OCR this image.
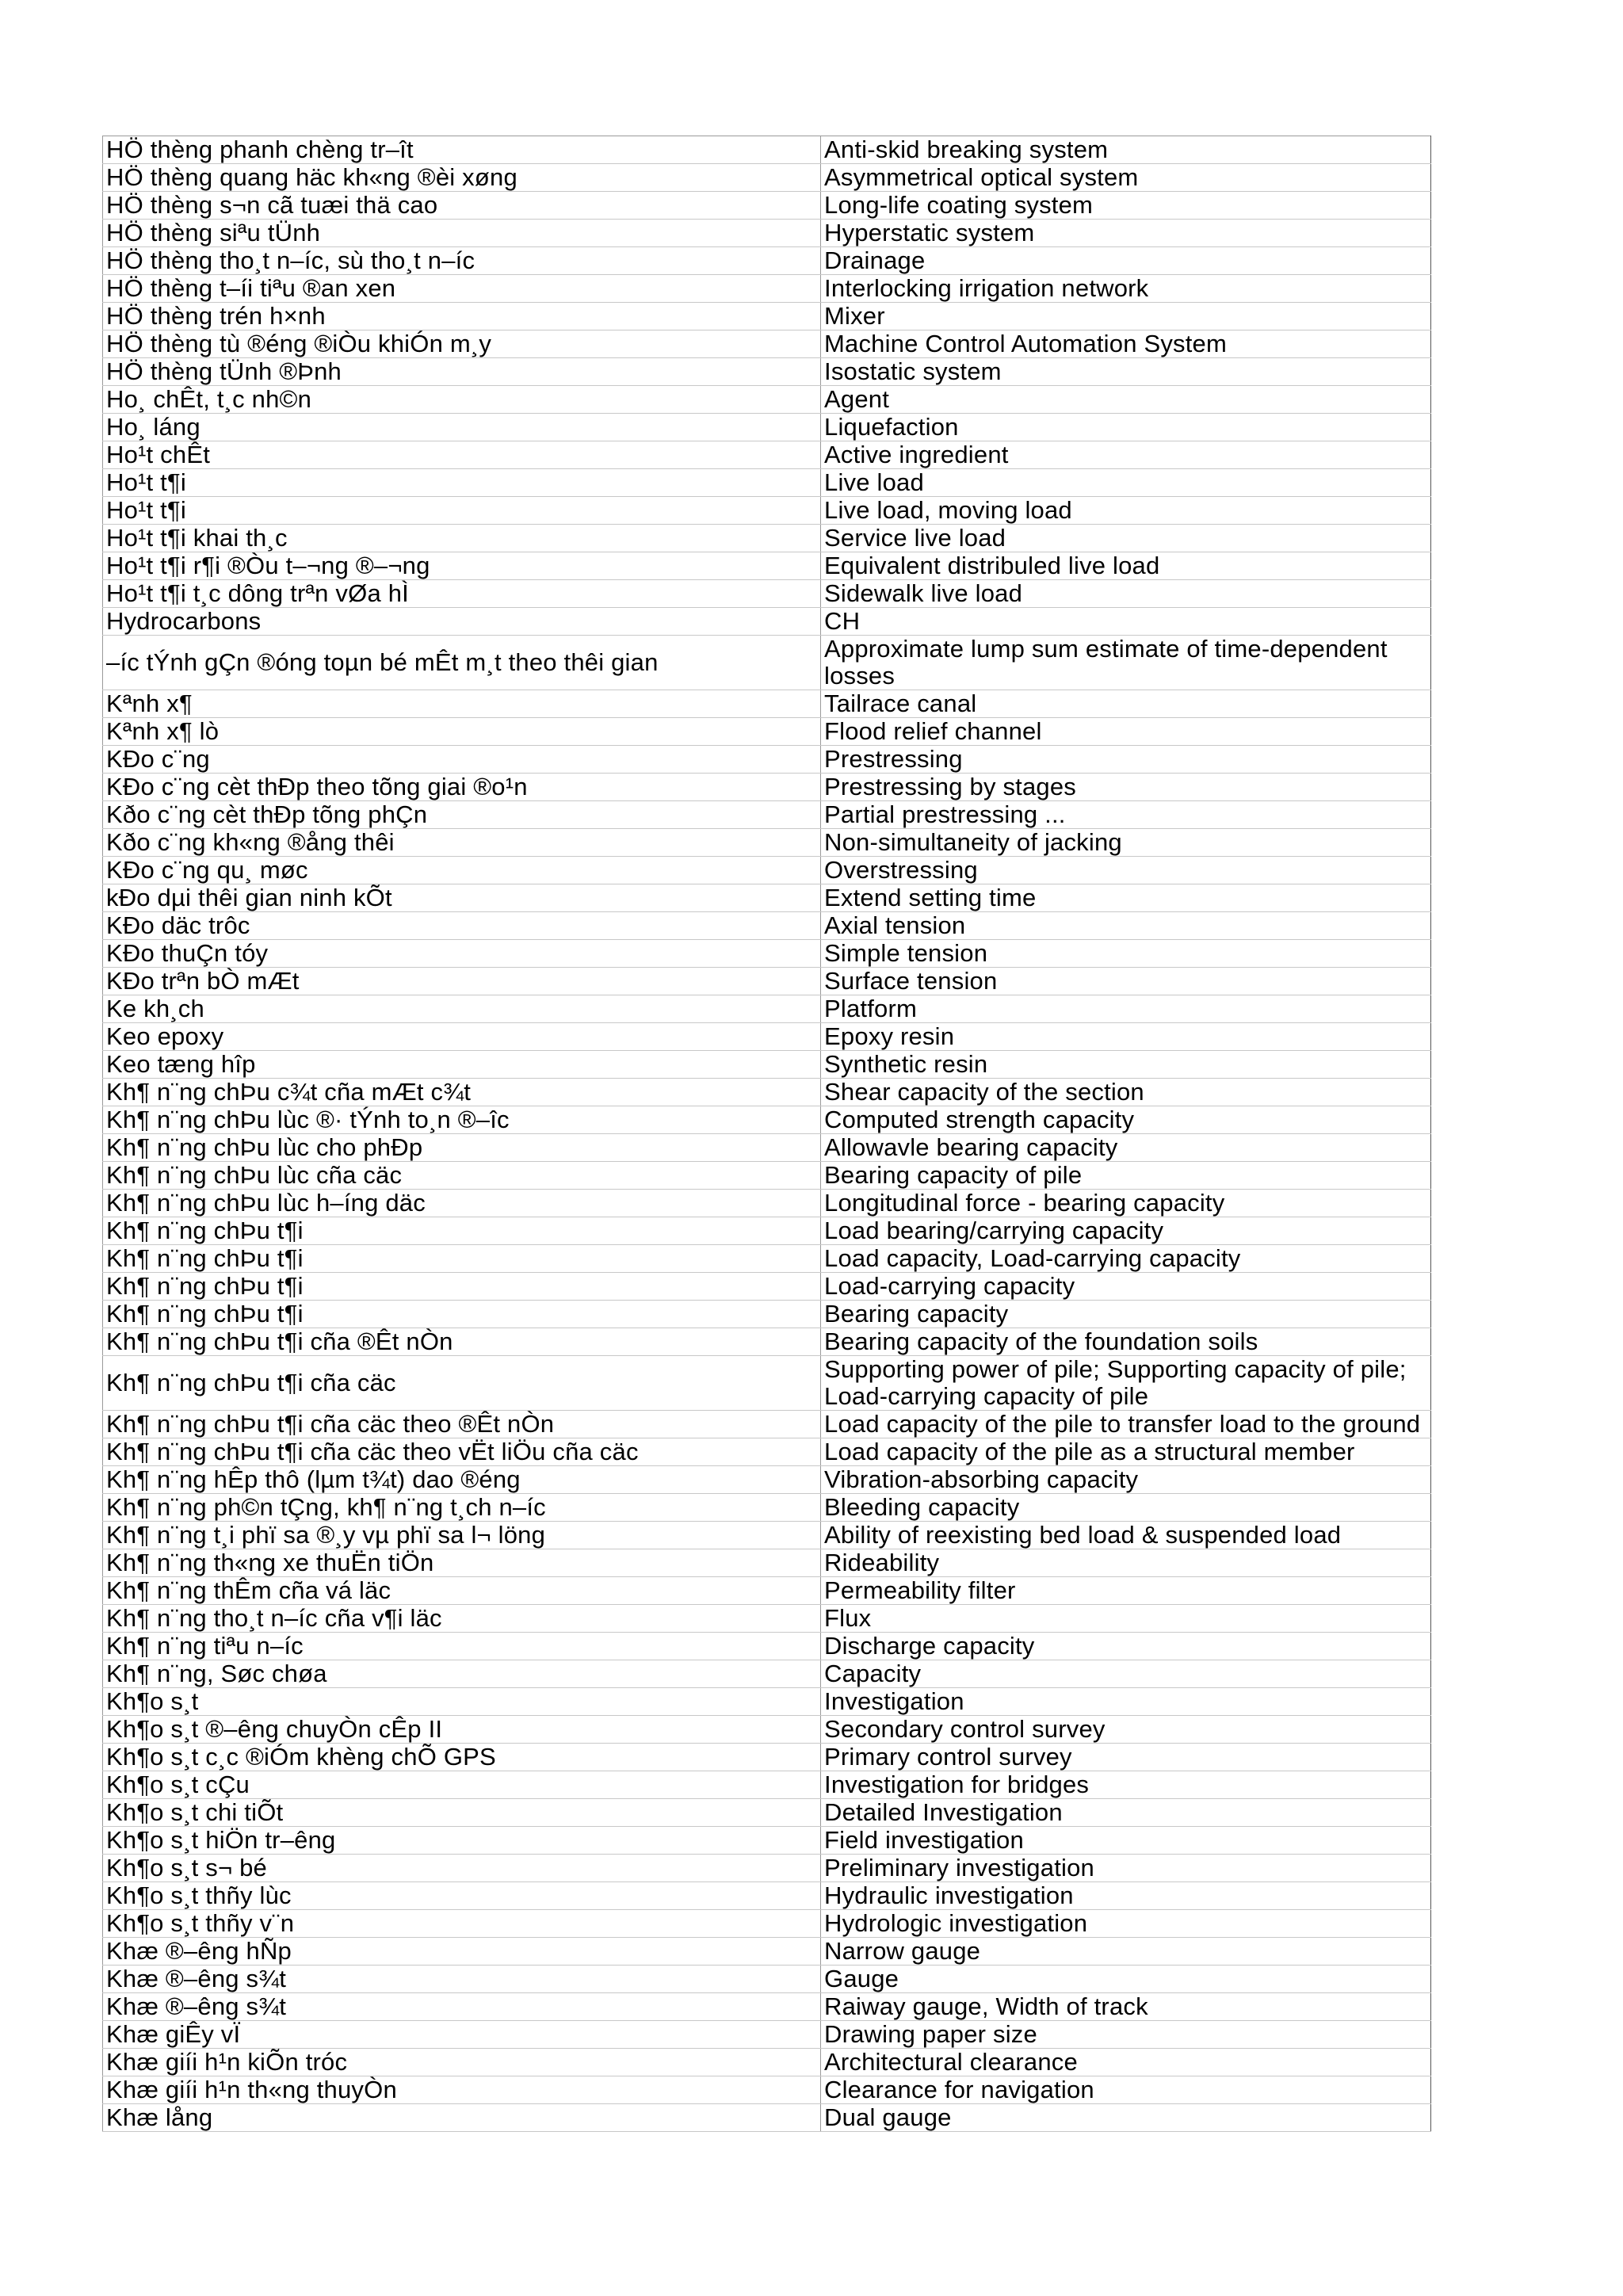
HÖ thèng phanh chèng tr–ît	Anti-skid breaking system
HÖ thèng quang häc kh«ng ®èi xøng	Asymmetrical optical system
HÖ thèng s¬n cã tuæi thä cao	Long-life coating system
HÖ thèng siªu tÜnh	Hyperstatic system
HÖ thèng tho¸t n–íc, sù tho¸t n–íc	Drainage
HÖ thèng t–íi tiªu ®an xen	Interlocking irrigation network
HÖ thèng trén h×nh	Mixer
HÖ thèng tù ®éng ®iÒu khiÓn m¸y	Machine Control Automation System
HÖ thèng tÜnh ®Þnh	Isostatic system
Ho¸ chÊt, t¸c nh©n	Agent
Ho¸ láng	Liquefaction
Ho¹t chÊt	Active ingredient
Ho¹t t¶i	Live load
Ho¹t t¶i	Live load, moving load
Ho¹t t¶i khai th¸c	Service live load
Ho¹t t¶i r¶i ®Òu t–¬ng ®–¬ng	Equivalent distribuled live load
Ho¹t t¶i t¸c dông trªn vØa hÌ	Sidewalk live load
Hydrocarbons	CH
–íc tÝnh gÇn ®óng toµn bé mÊt m¸t theo thêi gian	Approximate lump sum estimate of time-dependent losses
Kªnh x¶	Tailrace canal
Kªnh x¶ lò	Flood relief channel
KÐo c¨ng	Prestressing
KÐo c¨ng cèt thÐp theo tõng giai ®o¹n	Prestressing by stages
Kðo c¨ng cèt thÐp tõng phÇn	Partial prestressing ...
Kðo c¨ng kh«ng ®ång thêi	Non-simultaneity of jacking
KÐo c¨ng qu¸ møc	Overstressing
kÐo dµi thêi gian ninh kÕt	Extend setting time
KÐo däc trôc	Axial tension
KÐo thuÇn tóy	Simple tension
KÐo trªn bÒ mÆt	Surface tension
Ke kh¸ch	Platform
Keo epoxy	Epoxy resin
Keo tæng hîp	Synthetic resin
Kh¶ n¨ng chÞu c¾t cña mÆt c¾t	Shear capacity of the section
Kh¶ n¨ng chÞu lùc ®· tÝnh to¸n ®–îc	Computed strength capacity
Kh¶ n¨ng chÞu lùc cho phÐp	Allowavle bearing capacity
Kh¶ n¨ng chÞu lùc cña cäc	Bearing capacity of pile
Kh¶ n¨ng chÞu lùc h–íng däc	Longitudinal force - bearing capacity
Kh¶ n¨ng chÞu t¶i	Load bearing/carrying capacity
Kh¶ n¨ng chÞu t¶i	Load capacity, Load-carrying capacity
Kh¶ n¨ng chÞu t¶i	Load-carrying capacity
Kh¶ n¨ng chÞu t¶i	Bearing capacity
Kh¶ n¨ng chÞu t¶i cña ®Êt nÒn	Bearing capacity of the foundation soils
Kh¶ n¨ng chÞu t¶i cña cäc	Supporting power of pile; Supporting capacity of pile; Load-carrying capacity of pile
Kh¶ n¨ng chÞu t¶i cña cäc theo ®Êt nÒn	Load capacity of the pile to transfer load to the ground
Kh¶ n¨ng chÞu t¶i cña cäc theo vËt liÖu cña cäc	Load capacity of the pile as a structural member
Kh¶ n¨ng hÊp thô (lµm t¾t) dao ®éng	Vibration-absorbing capacity
Kh¶ n¨ng ph©n tÇng, kh¶ n¨ng t¸ch n–íc	Bleeding capacity
Kh¶ n¨ng t¸i phï sa ®¸y vµ phï sa l¬ löng	Ability of reexisting bed load & suspended load
Kh¶ n¨ng th«ng xe thuËn tiÖn	Rideability
Kh¶ n¨ng thÊm cña vá läc	Permeability filter
Kh¶ n¨ng tho¸t n–íc cña v¶i läc	Flux
Kh¶ n¨ng tiªu n–íc	Discharge capacity
Kh¶ n¨ng, Søc chøa	Capacity
Kh¶o s¸t	Investigation
Kh¶o s¸t ®–êng chuyÒn cÊp II	Secondary control survey
Kh¶o s¸t c¸c ®iÓm khèng chÕ GPS	Primary control survey
Kh¶o s¸t cÇu	Investigation for bridges
Kh¶o s¸t chi tiÕt	Detailed Investigation
Kh¶o s¸t hiÖn tr–êng	Field investigation
Kh¶o s¸t s¬ bé	Preliminary investigation
Kh¶o s¸t thñy lùc	Hydraulic investigation
Kh¶o s¸t thñy v¨n	Hydrologic investigation
Khæ ®–êng hÑp	Narrow gauge
Khæ ®–êng s¾t	Gauge
Khæ ®–êng s¾t	Raiway gauge, Width of track
Khæ giÊy vÏ	Drawing paper size
Khæ giíi h¹n kiÕn tróc	Architectural clearance
Khæ giíi h¹n th«ng thuyÒn	Clearance for navigation
Khæ lång	Dual gauge
